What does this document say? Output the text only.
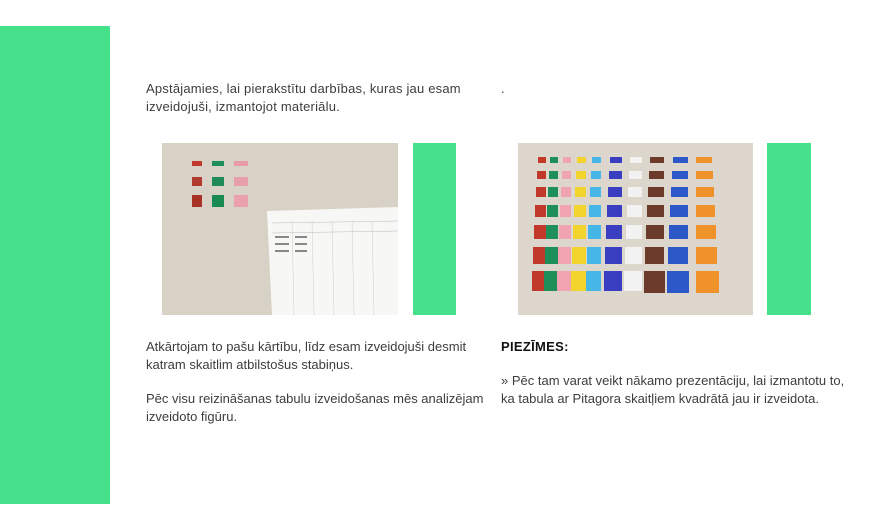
Apstājamies, lai pierakstītu darbības, kuras jau esam izveidojuši, izmantojot materiālu.
.
Atkārtojam to pašu kārtību, līdz esam izveidojuši desmit katram skaitlim atbilstošus stabiņus.
Pēc visu reizināšanas tabulu izveidošanas mēs analizējam izveidoto figūru.
PIEZĪMES:
» Pēc tam varat veikt nākamo prezentāciju, lai izmantotu to, ka tabula ar Pitagora skaitļiem kvadrātā jau ir izveidota.
